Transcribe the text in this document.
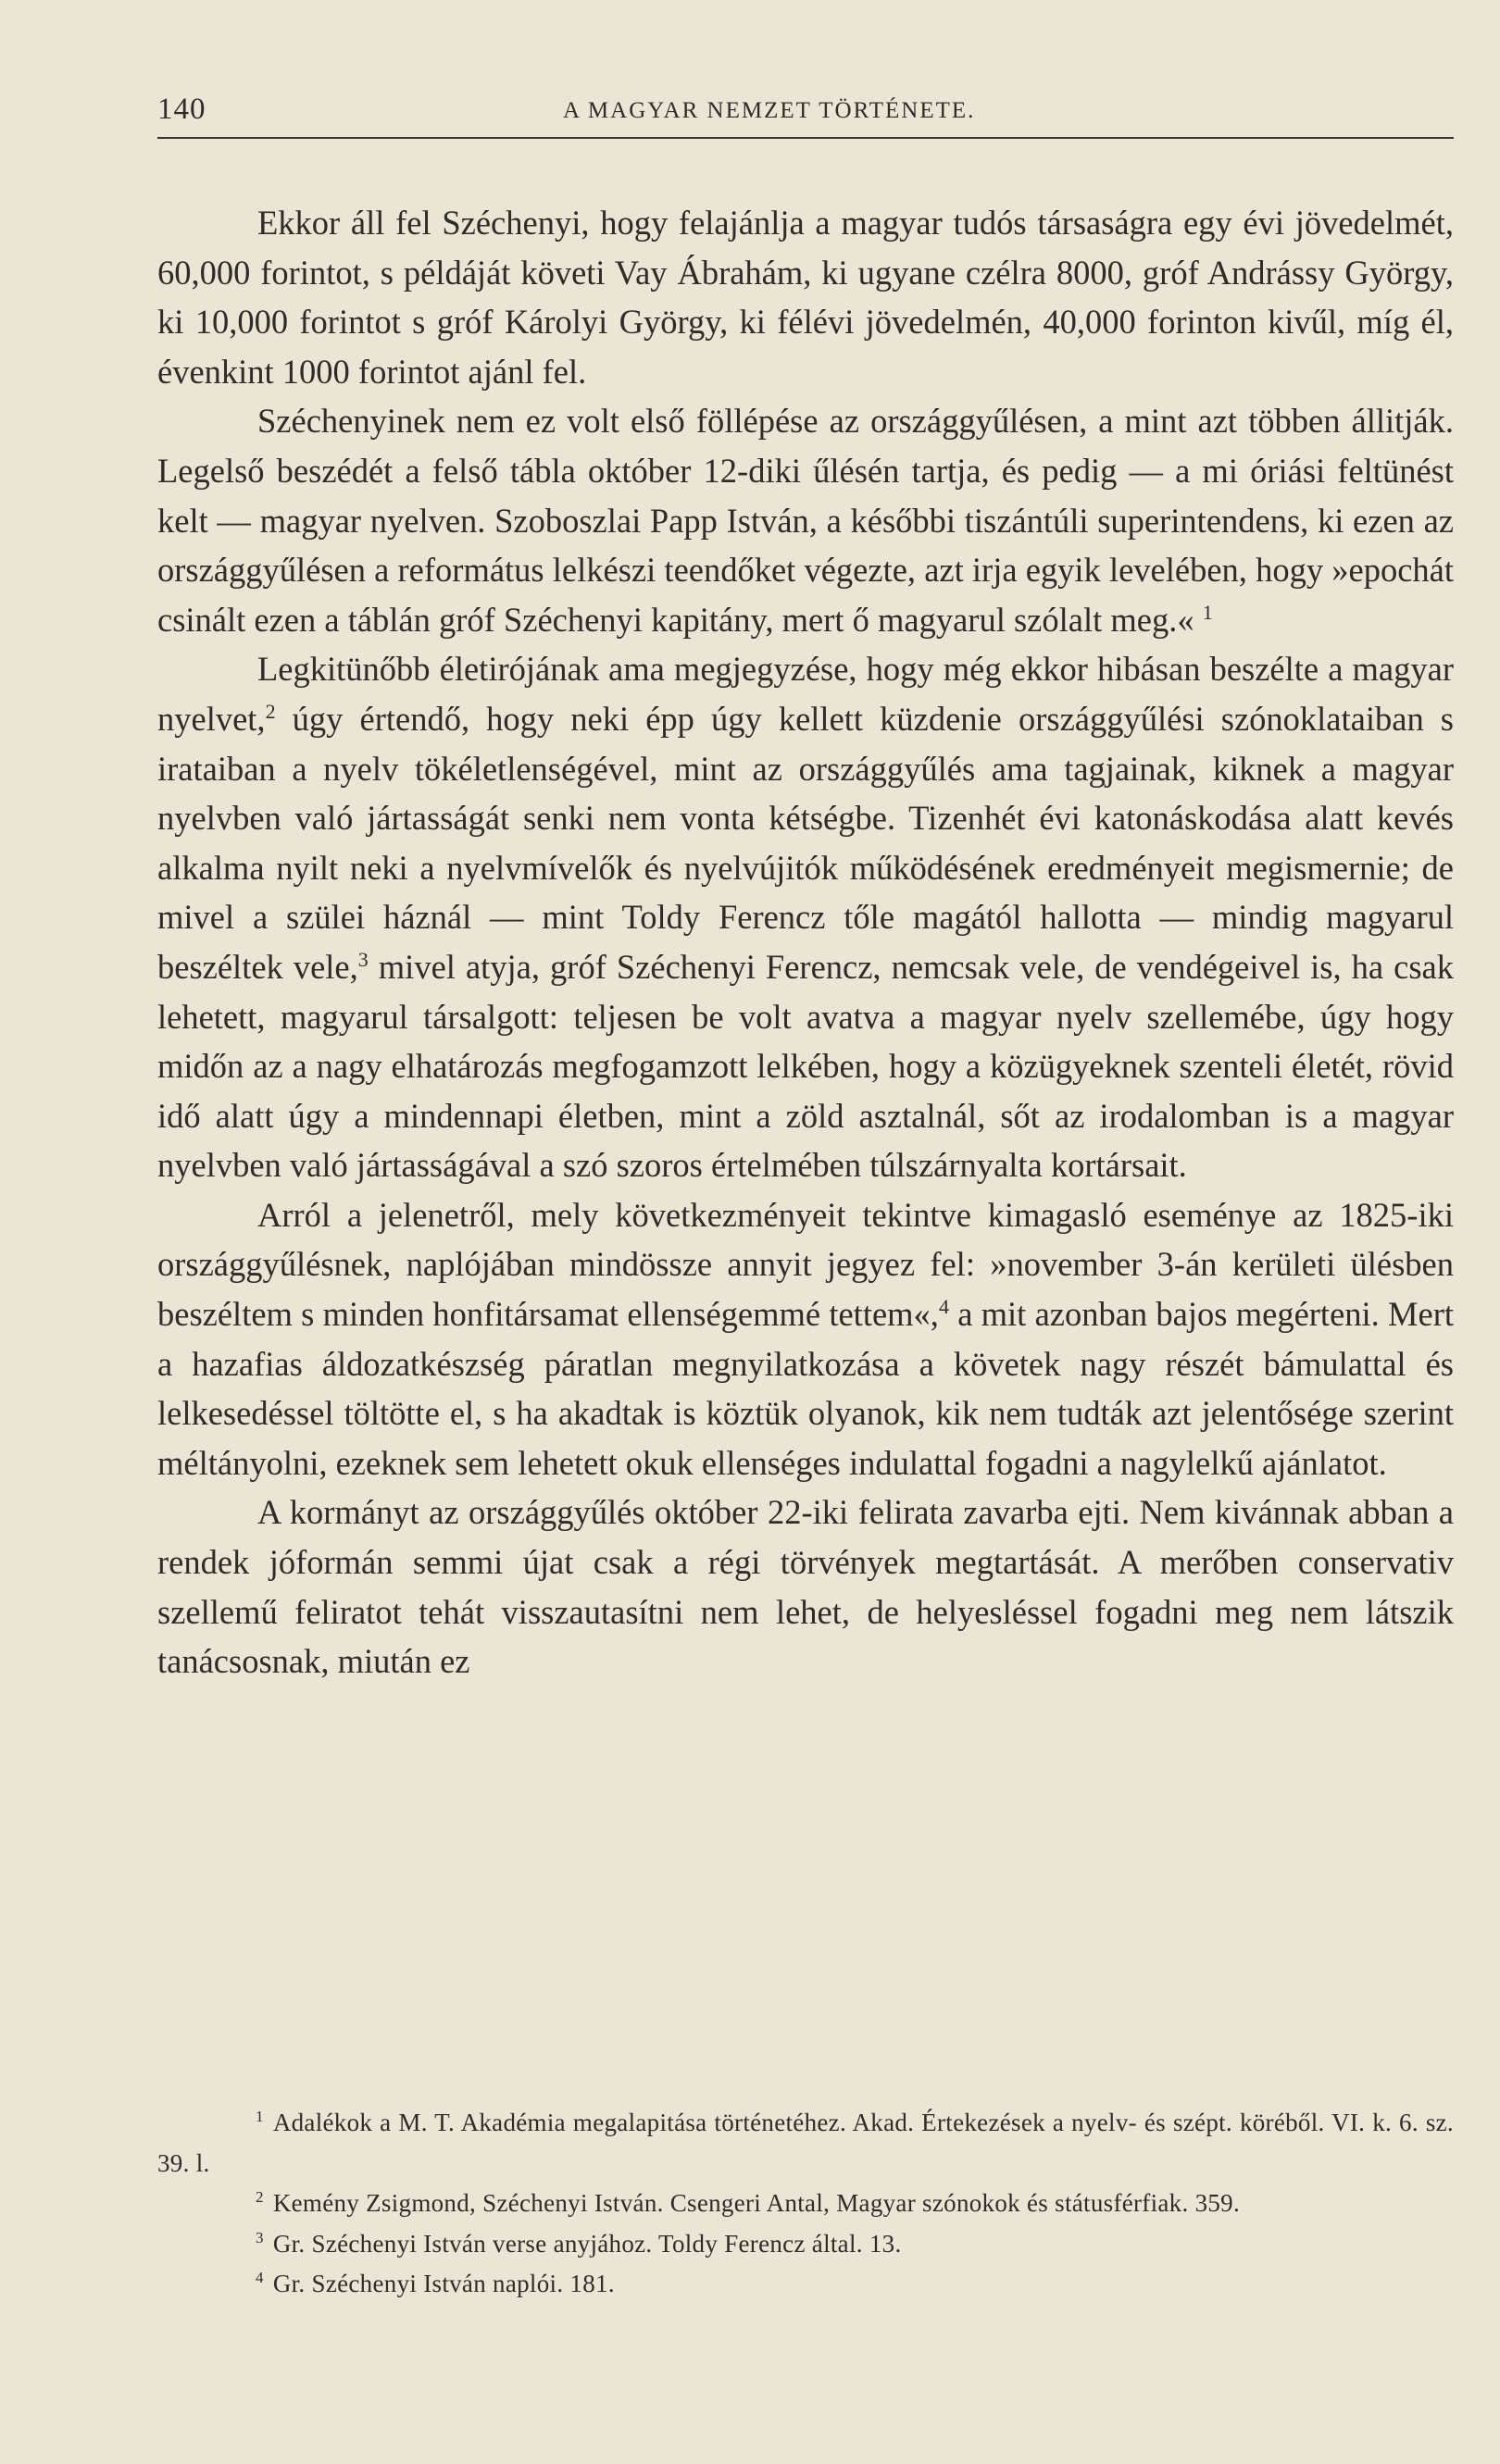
140	A MAGYAR NEMZET TÖRTÉNETE.

Ekkor áll fel Széchenyi, hogy felajánlja a magyar tudós társaságra egy évi jövedelmét, 60,000 forintot, s példáját követi Vay Ábrahám, ki ugyane czélra 8000, gróf Andrássy György, ki 10,000 forintot s gróf Károlyi György, ki félévi jövedelmén, 40,000 forinton kivűl, míg él, évenkint 1000 forintot ajánl fel.

Széchenyinek nem ez volt első föllépése az országgyűlésen, a mint azt többen állitják. Legelső beszédét a felső tábla október 12-diki űlésén tartja, és pedig — a mi óriási feltünést kelt — magyar nyelven. Szoboszlai Papp István, a későbbi tiszántúli superintendens, ki ezen az országgyűlésen a református lelkészi teendőket végezte, azt irja egyik levelében, hogy »epochát csinált ezen a táblán gróf Széchenyi kapitány, mert ő magyarul szólalt meg.« $^1$

Legkitünőbb életirójának ama megjegyzése, hogy még ekkor hibásan beszélte a magyar nyelvet,$^2$ úgy értendő, hogy neki épp úgy kellett küzdenie országgyűlési szónoklataiban s irataiban a nyelv tökéletlenségével, mint az országgyűlés ama tagjainak, kiknek a magyar nyelvben való jártasságát senki nem vonta kétségbe. Tizenhét évi katonáskodása alatt kevés alkalma nyilt neki a nyelvmívelők és nyelvújitók működésének eredményeit megismernie; de mivel a szülei háznál — mint Toldy Ferencz tőle magától hallotta — mindig magyarul beszéltek vele,$^3$ mivel atyja, gróf Széchenyi Ferencz, nemcsak vele, de vendégeivel is, ha csak lehetett, magyarul társalgott: teljesen be volt avatva a magyar nyelv szellemébe, úgy hogy midőn az a nagy elhatározás megfogamzott lelkében, hogy a közügyeknek szenteli életét, rövid idő alatt úgy a mindennapi életben, mint a zöld asztalnál, sőt az irodalomban is a magyar nyelvben való jártasságával a szó szoros értelmében túlszárnyalta kortársait.

Arról a jelenetről, mely következményeit tekintve kimagasló eseménye az 1825-iki országgyűlésnek, naplójában mindössze annyit jegyez fel: »november 3-án kerületi ülésben beszéltem s minden honfitársamat ellenségemmé tettem«,$^4$ a mit azonban bajos megérteni. Mert a hazafias áldozatkészség páratlan megnyilatkozása a követek nagy részét bámulattal és lelkesedéssel töltötte el, s ha akadtak is köztük olyanok, kik nem tudták azt jelentősége szerint méltányolni, ezeknek sem lehetett okuk ellenséges indulattal fogadni a nagylelkű ajánlatot.

A kormányt az országgyűlés október 22-iki felirata zavarba ejti. Nem kivánnak abban a rendek jóformán semmi újat csak a régi törvények megtartását. A merőben conservativ szellemű feliratot tehát visszautasítni nem lehet, de helyesléssel fogadni meg nem látszik tanácsosnak, miután ez

$^1$ Adalékok a M. T. Akadémia megalapitása történetéhez. Akad. Értekezések a nyelv- és szépt. köréből. VI. k. 6. sz. 39. l.

$^2$ Kemény Zsigmond, Széchenyi István. Csengeri Antal, Magyar szónokok és státusférfiak. 359.

$^3$ Gr. Széchenyi István verse anyjához. Toldy Ferencz által. 13.

$^4$ Gr. Széchenyi István naplói. 181.
